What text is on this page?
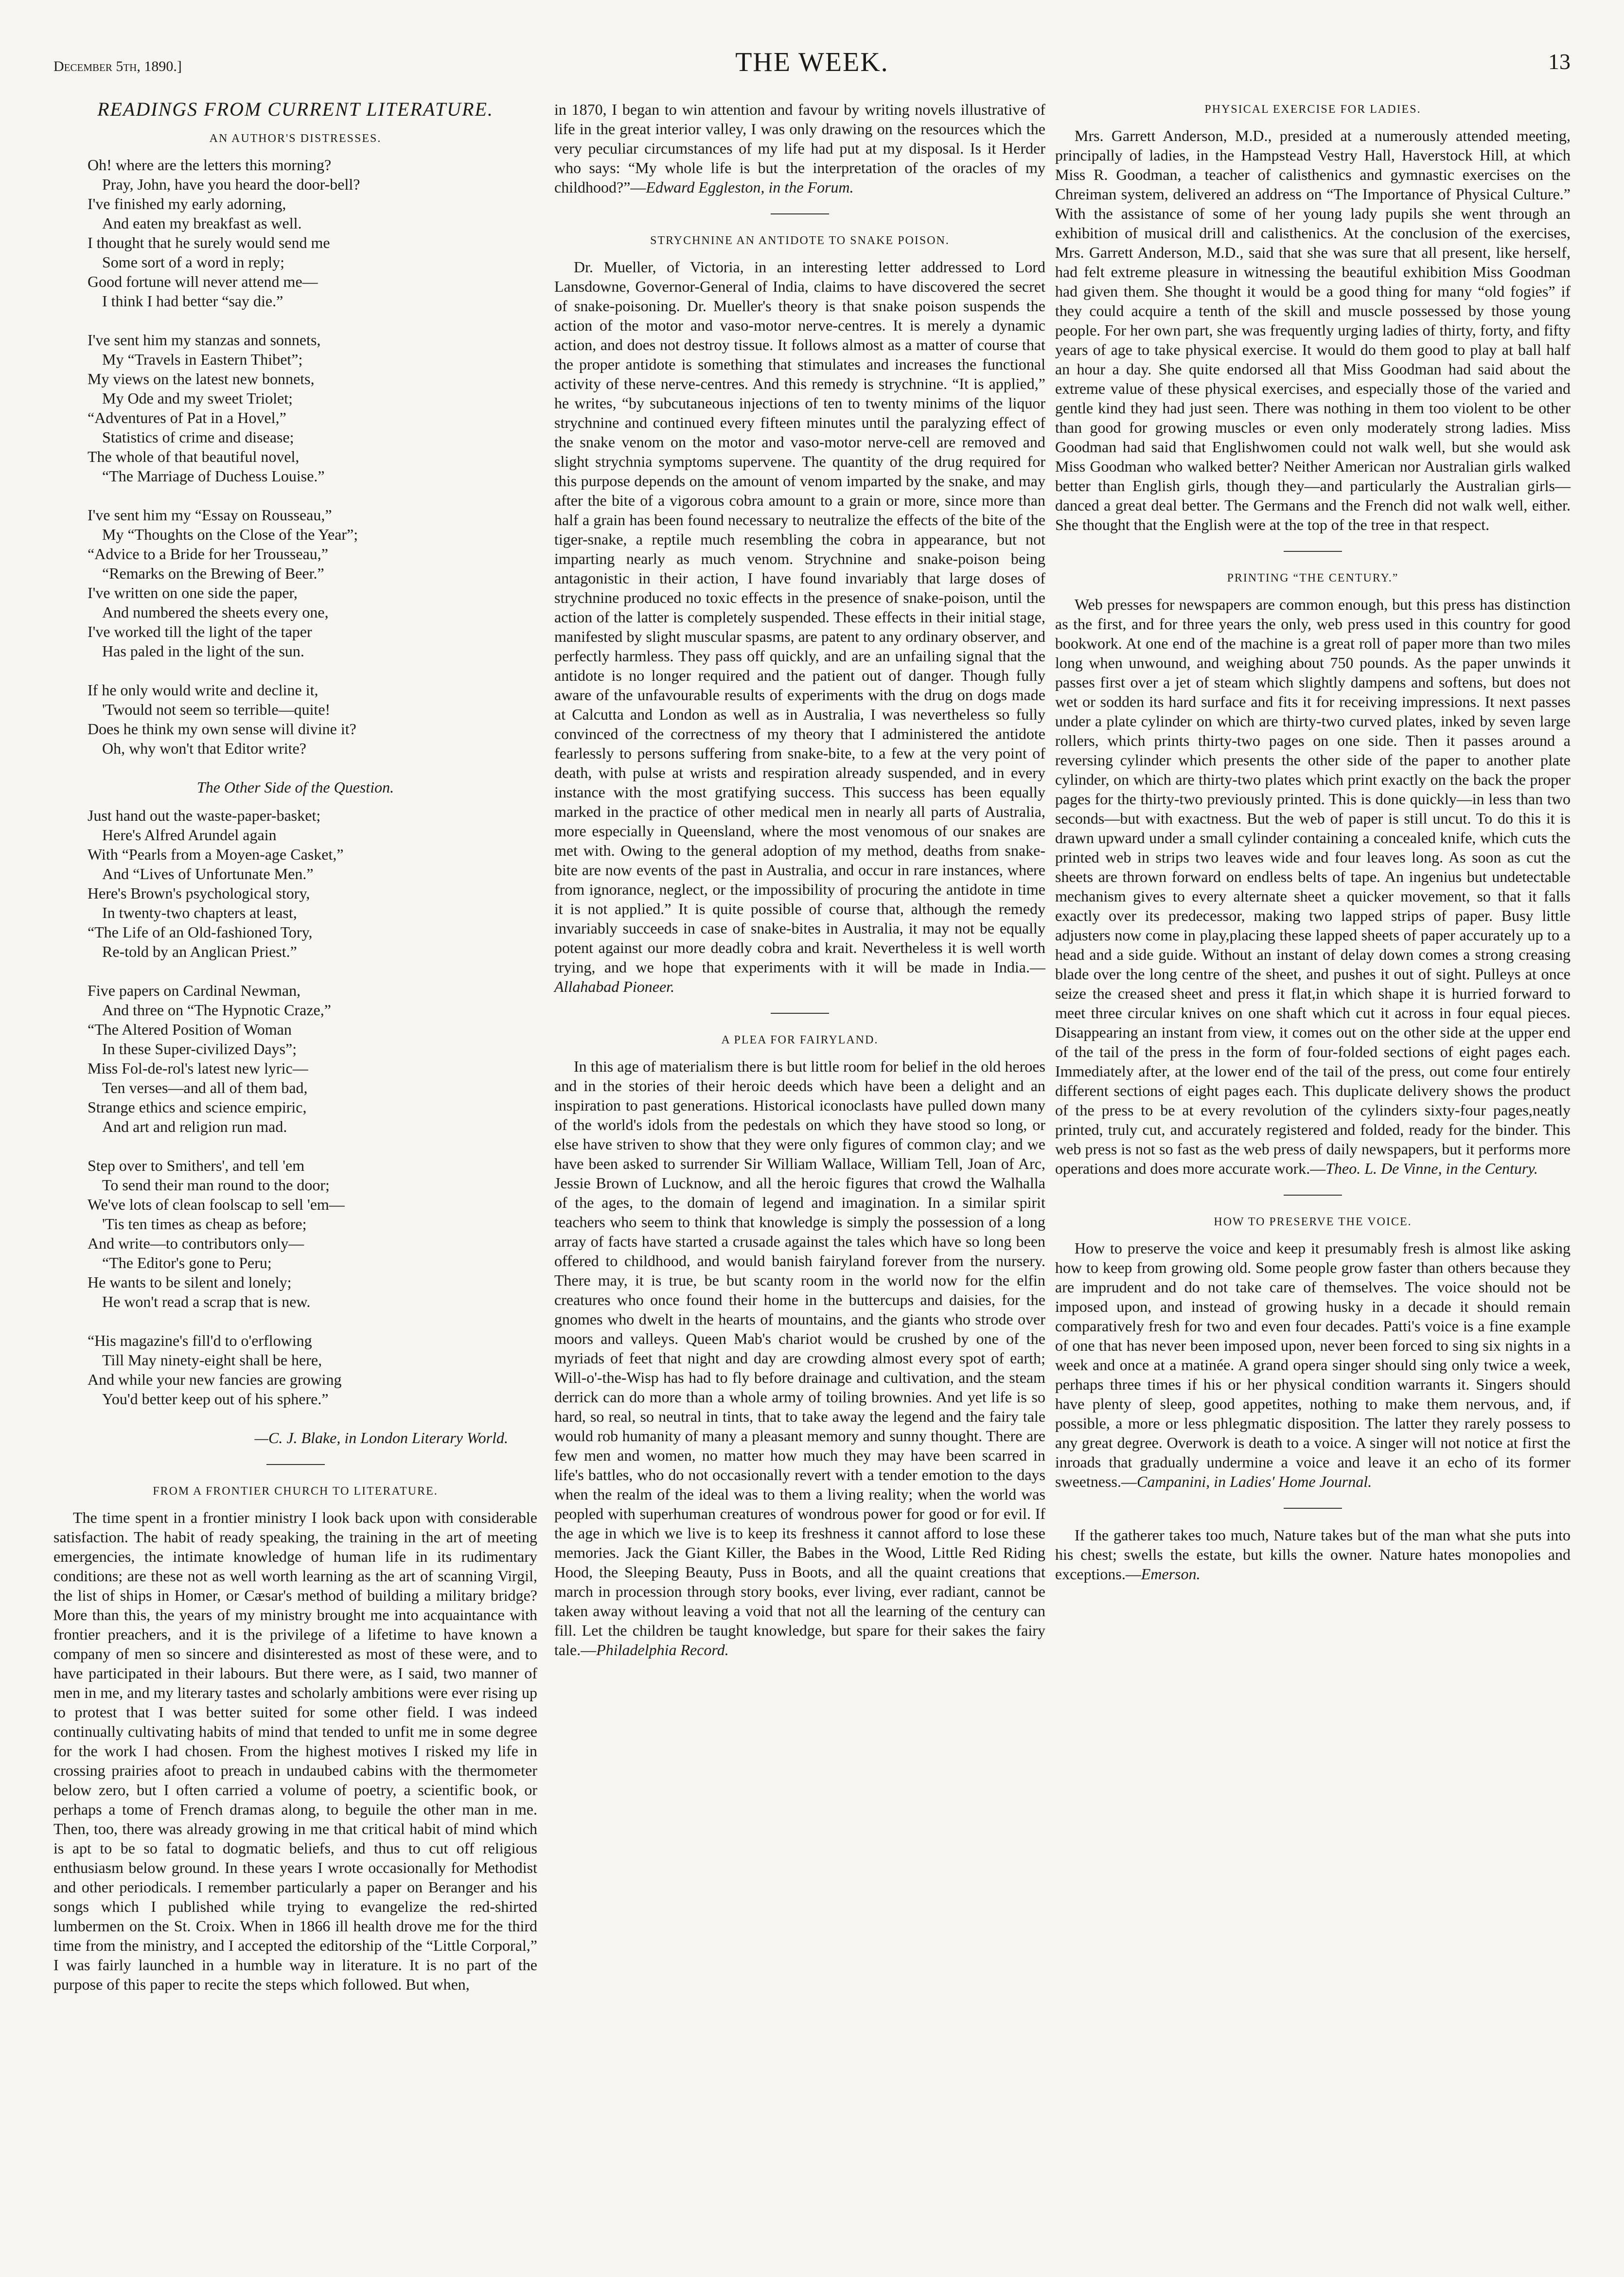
December 5th, 1890.]	THE WEEK.	13
READINGS FROM CURRENT LITERATURE.
AN AUTHOR'S DISTRESSES.
Oh! where are the letters this morning?
Pray, John, have you heard the door-bell?
I've finished my early adorning,
And eaten my breakfast as well.
I thought that he surely would send me
Some sort of a word in reply;
Good fortune will never attend me—
I think I had better “say die.”
I've sent him my stanzas and sonnets,
My “Travels in Eastern Thibet”;
My views on the latest new bonnets,
My Ode and my sweet Triolet;
“Adventures of Pat in a Hovel,”
Statistics of crime and disease;
The whole of that beautiful novel,
“The Marriage of Duchess Louise.”
I've sent him my “Essay on Rousseau,”
My “Thoughts on the Close of the Year”;
“Advice to a Bride for her Trousseau,”
“Remarks on the Brewing of Beer.”
I've written on one side the paper,
And numbered the sheets every one,
I've worked till the light of the taper
Has paled in the light of the sun.
If he only would write and decline it,
'Twould not seem so terrible—quite!
Does he think my own sense will divine it?
Oh, why won't that Editor write?
The Other Side of the Question.
Just hand out the waste-paper-basket;
Here's Alfred Arundel again
With “Pearls from a Moyen-age Casket,”
And “Lives of Unfortunate Men.”
Here's Brown's psychological story,
In twenty-two chapters at least,
“The Life of an Old-fashioned Tory,
Re-told by an Anglican Priest.”
Five papers on Cardinal Newman,
And three on “The Hypnotic Craze,”
“The Altered Position of Woman
In these Super-civilized Days”;
Miss Fol-de-rol's latest new lyric—
Ten verses—and all of them bad,
Strange ethics and science empiric,
And art and religion run mad.
Step over to Smithers', and tell 'em
To send their man round to the door;
We've lots of clean foolscap to sell 'em—
'Tis ten times as cheap as before;
And write—to contributors only—
“The Editor's gone to Peru;
He wants to be silent and lonely;
He won't read a scrap that is new.
“His magazine's fill'd to o'erflowing
Till May ninety-eight shall be here,
And while your new fancies are growing
You'd better keep out of his sphere.”
—C. J. Blake, in London Literary World.
FROM A FRONTIER CHURCH TO LITERATURE.

The time spent in a frontier ministry I look back upon with considerable satisfaction. The habit of ready speaking, the training in the art of meeting emergencies, the intimate knowledge of human life in its rudimentary conditions; are these not as well worth learning as the art of scanning Virgil, the list of ships in Homer, or Cæsar's method of building a military bridge? More than this, the years of my ministry brought me into acquaintance with frontier preachers, and it is the privilege of a lifetime to have known a company of men so sincere and disinterested as most of these were, and to have participated in their labours. But there were, as I said, two manner of men in me, and my literary tastes and scholarly ambitions were ever rising up to protest that I was better suited for some other field. I was indeed continually cultivating habits of mind that tended to unfit me in some degree for the work I had chosen. From the highest motives I risked my life in crossing prairies afoot to preach in undaubed cabins with the thermometer below zero, but I often carried a volume of poetry, a scientific book, or perhaps a tome of French dramas along, to beguile the other man in me. Then, too, there was already growing in me that critical habit of mind which is apt to be so fatal to dogmatic beliefs, and thus to cut off religious enthusiasm below ground. In these years I wrote occasionally for Methodist and other periodicals. I remember particularly a paper on Beranger and his songs which I published while trying to evangelize the red-shirted lumbermen on the St. Croix. When in 1866 ill health drove me for the third time from the ministry, and I accepted the editorship of the “Little Corporal,” I was fairly launched in a humble way in literature. It is no part of the purpose of this paper to recite the steps which followed. But when,

in 1870, I began to win attention and favour by writing novels illustrative of life in the great interior valley, I was only drawing on the resources which the very peculiar circumstances of my life had put at my disposal. Is it Herder who says: “My whole life is but the interpretation of the oracles of my childhood?”—Edward Eggleston, in the Forum.

STRYCHNINE AN ANTIDOTE TO SNAKE POISON.

Dr. Mueller, of Victoria, in an interesting letter addressed to Lord Lansdowne, Governor-General of India, claims to have discovered the secret of snake-poisoning. Dr. Mueller's theory is that snake poison suspends the action of the motor and vaso-motor nerve-centres. It is merely a dynamic action, and does not destroy tissue. It follows almost as a matter of course that the proper antidote is something that stimulates and increases the functional activity of these nerve-centres. And this remedy is strychnine. “It is applied,” he writes, “by subcutaneous injections of ten to twenty minims of the liquor strychnine and continued every fifteen minutes until the paralyzing effect of the snake venom on the motor and vaso-motor nerve-cell are removed and slight strychnia symptoms supervene. The quantity of the drug required for this purpose depends on the amount of venom imparted by the snake, and may after the bite of a vigorous cobra amount to a grain or more, since more than half a grain has been found necessary to neutralize the effects of the bite of the tiger-snake, a reptile much resembling the cobra in appearance, but not imparting nearly as much venom. Strychnine and snake-poison being antagonistic in their action, I have found invariably that large doses of strychnine produced no toxic effects in the presence of snake-poison, until the action of the latter is completely suspended. These effects in their initial stage, manifested by slight muscular spasms, are patent to any ordinary observer, and perfectly harmless. They pass off quickly, and are an unfailing signal that the antidote is no longer required and the patient out of danger. Though fully aware of the unfavourable results of experiments with the drug on dogs made at Calcutta and London as well as in Australia, I was nevertheless so fully convinced of the correctness of my theory that I administered the antidote fearlessly to persons suffering from snake-bite, to a few at the very point of death, with pulse at wrists and respiration already suspended, and in every instance with the most gratifying success. This success has been equally marked in the practice of other medical men in nearly all parts of Australia, more especially in Queensland, where the most venomous of our snakes are met with. Owing to the general adoption of my method, deaths from snake-bite are now events of the past in Australia, and occur in rare instances, where from ignorance, neglect, or the impossibility of procuring the antidote in time it is not applied.” It is quite possible of course that, although the remedy invariably succeeds in case of snake-bites in Australia, it may not be equally potent against our more deadly cobra and krait. Nevertheless it is well worth trying, and we hope that experiments with it will be made in India.—Allahabad Pioneer.

A PLEA FOR FAIRYLAND.

In this age of materialism there is but little room for belief in the old heroes and in the stories of their heroic deeds which have been a delight and an inspiration to past generations. Historical iconoclasts have pulled down many of the world's idols from the pedestals on which they have stood so long, or else have striven to show that they were only figures of common clay; and we have been asked to surrender Sir William Wallace, William Tell, Joan of Arc, Jessie Brown of Lucknow, and all the heroic figures that crowd the Walhalla of the ages, to the domain of legend and imagination. In a similar spirit teachers who seem to think that knowledge is simply the possession of a long array of facts have started a crusade against the tales which have so long been offered to childhood, and would banish fairyland forever from the nursery. There may, it is true, be but scanty room in the world now for the elfin creatures who once found their home in the buttercups and daisies, for the gnomes who dwelt in the hearts of mountains, and the giants who strode over moors and valleys. Queen Mab's chariot would be crushed by one of the myriads of feet that night and day are crowding almost every spot of earth; Will-o'-the-Wisp has had to fly before drainage and cultivation, and the steam derrick can do more than a whole army of toiling brownies. And yet life is so hard, so real, so neutral in tints, that to take away the legend and the fairy tale would rob humanity of many a pleasant memory and sunny thought. There are few men and women, no matter how much they may have been scarred in life's battles, who do not occasionally revert with a tender emotion to the days when the realm of the ideal was to them a living reality; when the world was peopled with superhuman creatures of wondrous power for good or for evil. If the age in which we live is to keep its freshness it cannot afford to lose these memories. Jack the Giant Killer, the Babes in the Wood, Little Red Riding Hood, the Sleeping Beauty, Puss in Boots, and all the quaint creations that march in procession through story books, ever living, ever radiant, cannot be taken away without leaving a void that not all the learning of the century can fill. Let the children be taught knowledge, but spare for their sakes the fairy tale.—Philadelphia Record.

PHYSICAL EXERCISE FOR LADIES.

Mrs. Garrett Anderson, M.D., presided at a numerously attended meeting, principally of ladies, in the Hampstead Vestry Hall, Haverstock Hill, at which Miss R. Goodman, a teacher of calisthenics and gymnastic exercises on the Chreiman system, delivered an address on “The Importance of Physical Culture.” With the assistance of some of her young lady pupils she went through an exhibition of musical drill and calisthenics. At the conclusion of the exercises, Mrs. Garrett Anderson, M.D., said that she was sure that all present, like herself, had felt extreme pleasure in witnessing the beautiful exhibition Miss Goodman had given them. She thought it would be a good thing for many “old fogies” if they could acquire a tenth of the skill and muscle possessed by those young people. For her own part, she was frequently urging ladies of thirty, forty, and fifty years of age to take physical exercise. It would do them good to play at ball half an hour a day. She quite endorsed all that Miss Goodman had said about the extreme value of these physical exercises, and especially those of the varied and gentle kind they had just seen. There was nothing in them too violent to be other than good for growing muscles or even only moderately strong ladies. Miss Goodman had said that Englishwomen could not walk well, but she would ask Miss Goodman who walked better? Neither American nor Australian girls walked better than English girls, though they—and particularly the Australian girls—danced a great deal better. The Germans and the French did not walk well, either. She thought that the English were at the top of the tree in that respect.

PRINTING “THE CENTURY.”

Web presses for newspapers are common enough, but this press has distinction as the first, and for three years the only, web press used in this country for good bookwork. At one end of the machine is a great roll of paper more than two miles long when unwound, and weighing about 750 pounds. As the paper unwinds it passes first over a jet of steam which slightly dampens and softens, but does not wet or sodden its hard surface and fits it for receiving impressions. It next passes under a plate cylinder on which are thirty-two curved plates, inked by seven large rollers, which prints thirty-two pages on one side. Then it passes around a reversing cylinder which presents the other side of the paper to another plate cylinder, on which are thirty-two plates which print exactly on the back the proper pages for the thirty-two previously printed. This is done quickly—in less than two seconds—but with exactness. But the web of paper is still uncut. To do this it is drawn upward under a small cylinder containing a concealed knife, which cuts the printed web in strips two leaves wide and four leaves long. As soon as cut the sheets are thrown forward on endless belts of tape. An ingenius but undetectable mechanism gives to every alternate sheet a quicker movement, so that it falls exactly over its predecessor, making two lapped strips of paper. Busy little adjusters now come in play,placing these lapped sheets of paper accurately up to a head and a side guide. Without an instant of delay down comes a strong creasing blade over the long centre of the sheet, and pushes it out of sight. Pulleys at once seize the creased sheet and press it flat,in which shape it is hurried forward to meet three circular knives on one shaft which cut it across in four equal pieces. Disappearing an instant from view, it comes out on the other side at the upper end of the tail of the press in the form of four-folded sections of eight pages each. Immediately after, at the lower end of the tail of the press, out come four entirely different sections of eight pages each. This duplicate delivery shows the product of the press to be at every revolution of the cylinders sixty-four pages,neatly printed, truly cut, and accurately registered and folded, ready for the binder. This web press is not so fast as the web press of daily newspapers, but it performs more operations and does more accurate work.—Theo. L. De Vinne, in the Century.

HOW TO PRESERVE THE VOICE.

How to preserve the voice and keep it presumably fresh is almost like asking how to keep from growing old. Some people grow faster than others because they are imprudent and do not take care of themselves. The voice should not be imposed upon, and instead of growing husky in a decade it should remain comparatively fresh for two and even four decades. Patti's voice is a fine example of one that has never been imposed upon, never been forced to sing six nights in a week and once at a matinée. A grand opera singer should sing only twice a week, perhaps three times if his or her physical condition warrants it. Singers should have plenty of sleep, good appetites, nothing to make them nervous, and, if possible, a more or less phlegmatic disposition. The latter they rarely possess to any great degree. Overwork is death to a voice. A singer will not notice at first the inroads that gradually undermine a voice and leave it an echo of its former sweetness.—Campanini, in Ladies' Home Journal.

If the gatherer takes too much, Nature takes but of the man what she puts into his chest; swells the estate, but kills the owner. Nature hates monopolies and exceptions.—Emerson.
